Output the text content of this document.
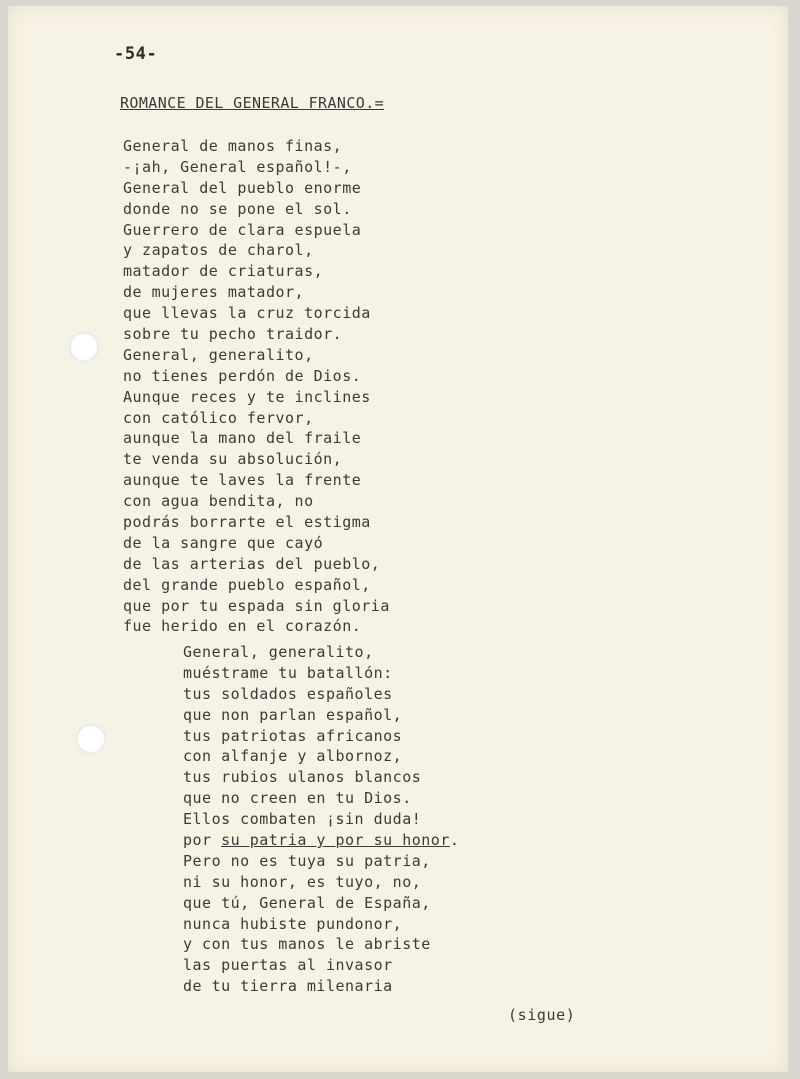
-54-
ROMANCE DEL GENERAL FRANCO.=
General de manos finas,
-¡ah, General español!-,
General del pueblo enorme
donde no se pone el sol.
Guerrero de clara espuela
y zapatos de charol,
matador de criaturas,
de mujeres matador,
que llevas la cruz torcida
sobre tu pecho traidor.
General, generalito,
no tienes perdón de Dios.
Aunque reces y te inclines
con católico fervor,
aunque la mano del fraile
te venda su absolución,
aunque te laves la frente
con agua bendita, no
podrás borrarte el estigma
de la sangre que cayó
de las arterias del pueblo,
del grande pueblo español,
que por tu espada sin gloria
fue herido en el corazón.
General, generalito,
muéstrame tu batallón:
tus soldados españoles
que non parlan español,
tus patriotas africanos
con alfanje y albornoz,
tus rubios ulanos blancos
que no creen en tu Dios.
Ellos combaten ¡sin duda!
por su patria y por su honor.
Pero no es tuya su patria,
ni su honor, es tuyo, no,
que tú, General de España,
nunca hubiste pundonor,
y con tus manos le abriste
las puertas al invasor
de tu tierra milenaria
(sigue)
